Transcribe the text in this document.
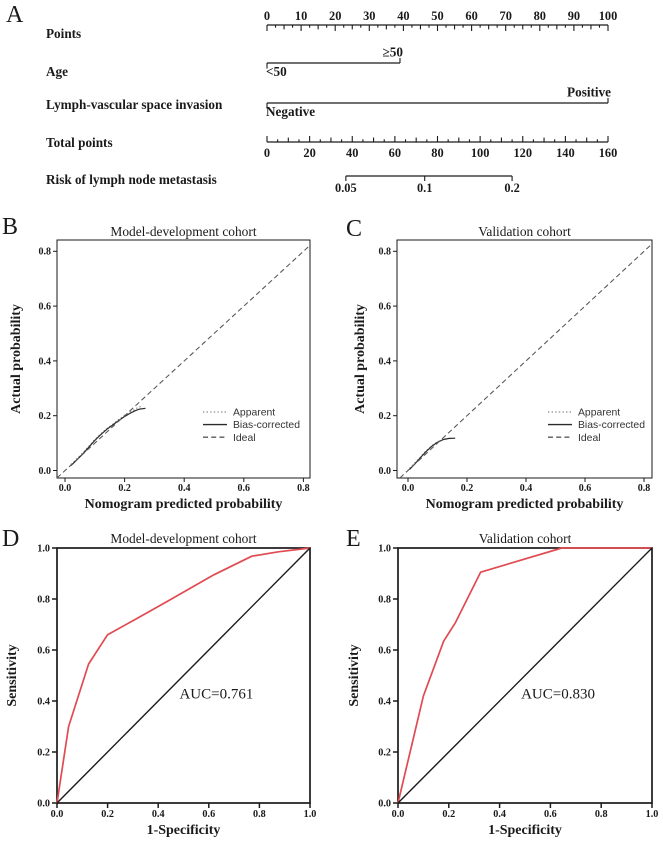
Points
0 10 20 30 40 50 60 70 80 90 100
Age	<50
≥50
Lymph-vascular space invasion	Negative
Positive
Total points
0	20 40 60 80 100 120 140 160
Risk of lymph node metastasis
0.05	0.1	0.2
0.0	0.2	0.4	0.6	0.8
0.0
0.2
0.4
0.6
0.8
Model-development cohort
Nomogram predicted probability
Actual probability	Apparent
Bias-corrected
Ideal
0.0	0.2	0.4	0.6	0.8
0.0
0.2
0.4
0.6
0.8
Validation cohort
Nomogram predicted probability
Actual probability	Apparent
Bias-corrected
Ideal
0.0	0.2	0.4	0.6	0.8	1.0
0.0
0.2
0.4
0.6
0.8
1.0
Model-development cohort
1-Specificity
Sensitivity	AUC=0.761
0.0	0.2	0.4	0.6	0.8	1.0
0.0
0.2
0.4
0.6
0.8
1.0
Validation cohort
1-Specificity
Sensitivity	AUC=0.830
A
B	C
D	E
